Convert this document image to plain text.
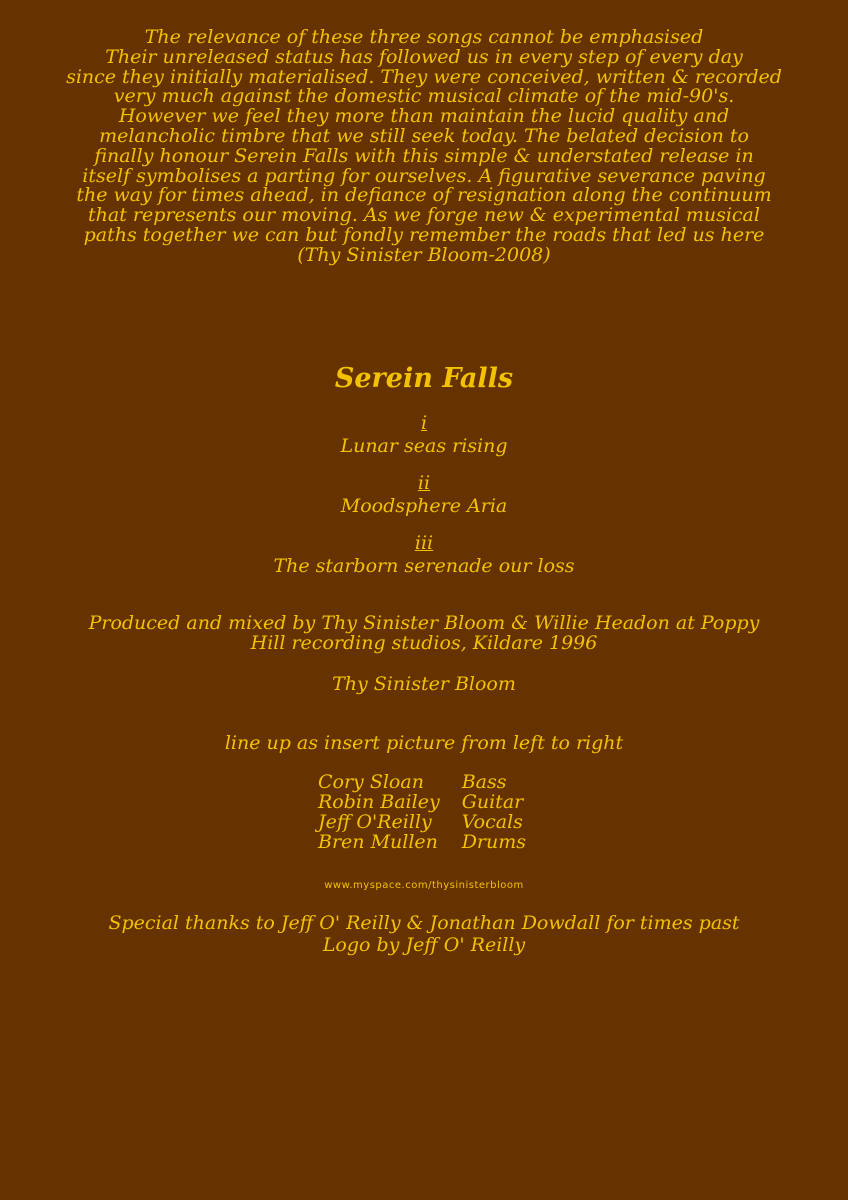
The relevance of these three songs cannot be emphasised
Their unreleased status has followed us in every step of every day
since they initially materialised. They were conceived, written & recorded
very much against the domestic musical climate of the mid-90's.
However we feel they more than maintain the lucid quality and
melancholic timbre that we still seek today. The belated decision to
finally honour Serein Falls with this simple & understated release in
itself symbolises a parting for ourselves. A figurative severance paving
the way for times ahead, in defiance of resignation along the continuum
that represents our moving. As we forge new & experimental musical
paths together we can but fondly remember the roads that led us here
(Thy Sinister Bloom-2008)

Serein Falls
i
Lunar seas rising
ii
Moodsphere Aria
iii
The starborn serenade our loss
Produced and mixed by Thy Sinister Bloom & Willie Headon at Poppy
Hill recording studios, Kildare 1996
Thy Sinister Bloom
line up as insert picture from left to right
Cory Sloan	Bass
Robin Bailey	Guitar
Jeff O'Reilly	Vocals
Bren Mullen	Drums
www.myspace.com/thysinisterbloom
Special thanks to Jeff O' Reilly & Jonathan Dowdall for times past
Logo by Jeff O' Reilly
